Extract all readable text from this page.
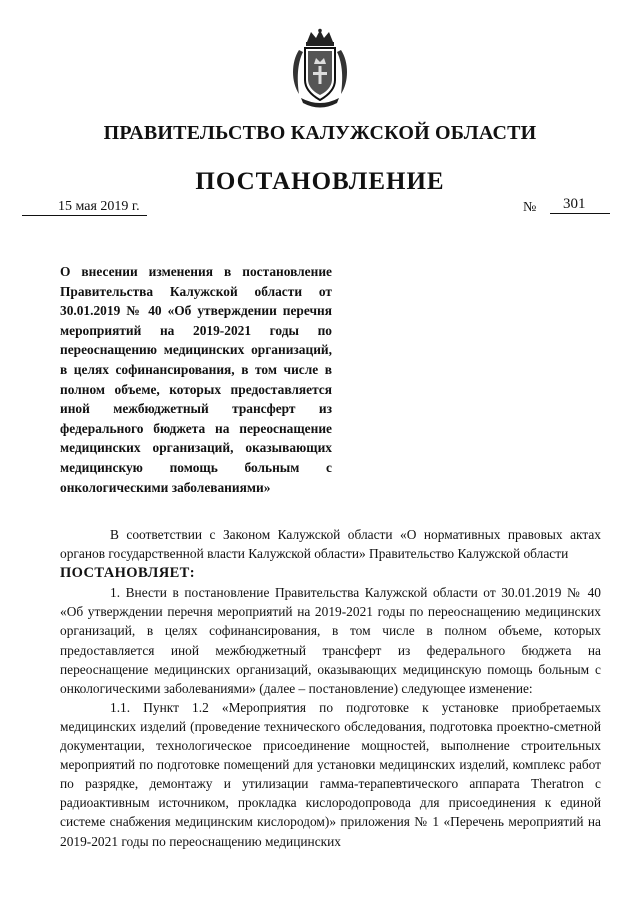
ПРАВИТЕЛЬСТВО КАЛУЖСКОЙ ОБЛАСТИ
ПОСТАНОВЛЕНИЕ
15 мая 2019 г.	№ 301
О внесении изменения в постановление Правительства Калужской области от 30.01.2019 № 40 «Об утверждении перечня мероприятий на 2019-2021 годы по переоснащению медицинских организаций, в целях софинансирования, в том числе в полном объеме, которых предоставляется иной межбюджетный трансферт из федерального бюджета на переоснащение медицинских организаций, оказывающих медицинскую помощь больным с онкологическими заболеваниями»

В соответствии с Законом Калужской области «О нормативных правовых актах органов государственной власти Калужской области» Правительство Калужской области

ПОСТАНОВЛЯЕТ:

1. Внести в постановление Правительства Калужской области от 30.01.2019 № 40 «Об утверждении перечня мероприятий на 2019-2021 годы по переоснащению медицинских организаций, в целях софинансирования, в том числе в полном объеме, которых предоставляется иной межбюджетный трансферт из федерального бюджета на переоснащение медицинских организаций, оказывающих медицинскую помощь больным с онкологическими заболеваниями» (далее – постановление) следующее изменение:

1.1. Пункт 1.2 «Мероприятия по подготовке к установке приобретаемых медицинских изделий (проведение технического обследования, подготовка проектно-сметной документации, технологическое присоединение мощностей, выполнение строительных мероприятий по подготовке помещений для установки медицинских изделий, комплекс работ по разрядке, демонтажу и утилизации гамма-терапевтического аппарата Theratron с радиоактивным источником, прокладка кислородопровода для присоединения к единой системе снабжения медицинским кислородом)» приложения № 1 «Перечень мероприятий на 2019-2021 годы по переоснащению медицинских
